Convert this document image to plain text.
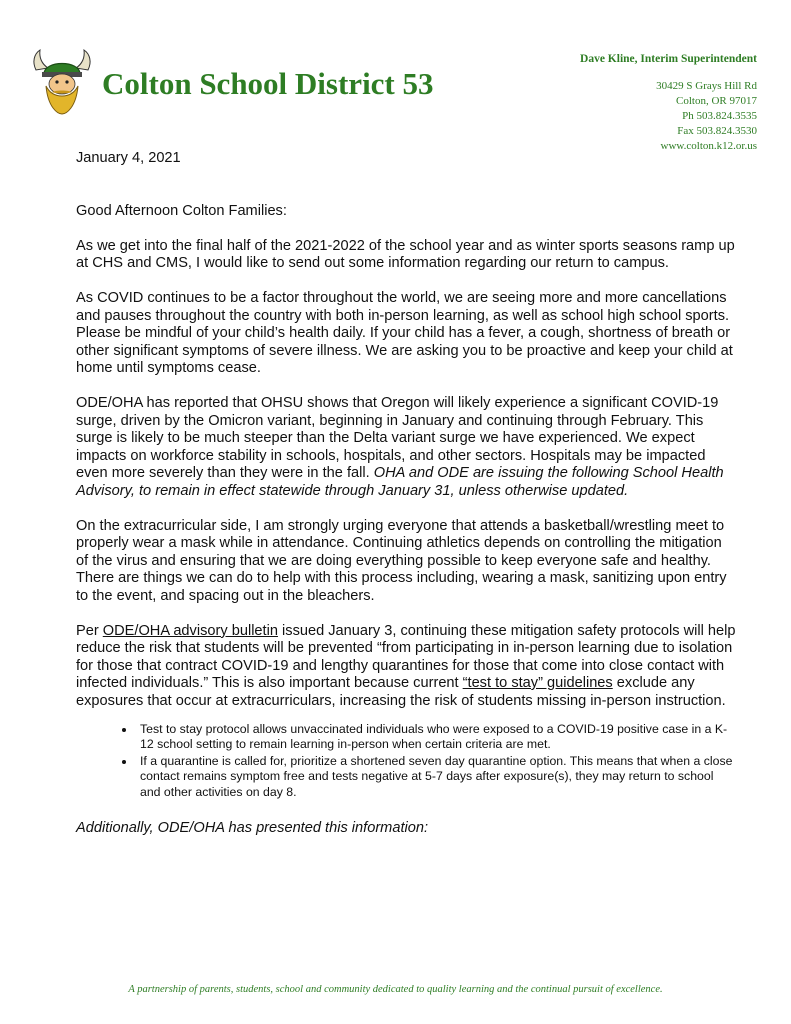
Colton School District 53
Dave Kline, Interim Superintendent
30429 S Grays Hill Rd
Colton, OR 97017
Ph 503.824.3535
Fax 503.824.3530
www.colton.k12.or.us

January 4, 2021

Good Afternoon Colton Families:

As we get into the final half of the 2021-2022 of the school year and as winter sports seasons ramp up at CHS and CMS, I would like to send out some information regarding our return to campus.

As COVID continues to be a factor throughout the world, we are seeing more and more cancellations and pauses throughout the country with both in-person learning, as well as school high school sports. Please be mindful of your child’s health daily. If your child has a fever, a cough, shortness of breath or other significant symptoms of severe illness. We are asking you to be proactive and keep your child at home until symptoms cease.

ODE/OHA has reported that OHSU shows that Oregon will likely experience a significant COVID-19 surge, driven by the Omicron variant, beginning in January and continuing through February. This surge is likely to be much steeper than the Delta variant surge we have experienced. We expect impacts on workforce stability in schools, hospitals, and other sectors. Hospitals may be impacted even more severely than they were in the fall. OHA and ODE are issuing the following School Health Advisory, to remain in effect statewide through January 31, unless otherwise updated.

On the extracurricular side, I am strongly urging everyone that attends a basketball/wrestling meet to properly wear a mask while in attendance. Continuing athletics depends on controlling the mitigation of the virus and ensuring that we are doing everything possible to keep everyone safe and healthy. There are things we can do to help with this process including, wearing a mask, sanitizing upon entry to the event, and spacing out in the bleachers.

Per ODE/OHA advisory bulletin issued January 3, continuing these mitigation safety protocols will help reduce the risk that students will be prevented “from participating in in-person learning due to isolation for those that contract COVID-19 and lengthy quarantines for those that come into close contact with infected individuals.” This is also important because current “test to stay” guidelines exclude any exposures that occur at extracurriculars, increasing the risk of students missing in-person instruction.

• Test to stay protocol allows unvaccinated individuals who were exposed to a COVID-19 positive case in a K-12 school setting to remain learning in-person when certain criteria are met.
• If a quarantine is called for, prioritize a shortened seven day quarantine option. This means that when a close contact remains symptom free and tests negative at 5-7 days after exposure(s), they may return to school and other activities on day 8.

Additionally, ODE/OHA has presented this information:

A partnership of parents, students, school and community dedicated to quality learning and the continual pursuit of excellence.
